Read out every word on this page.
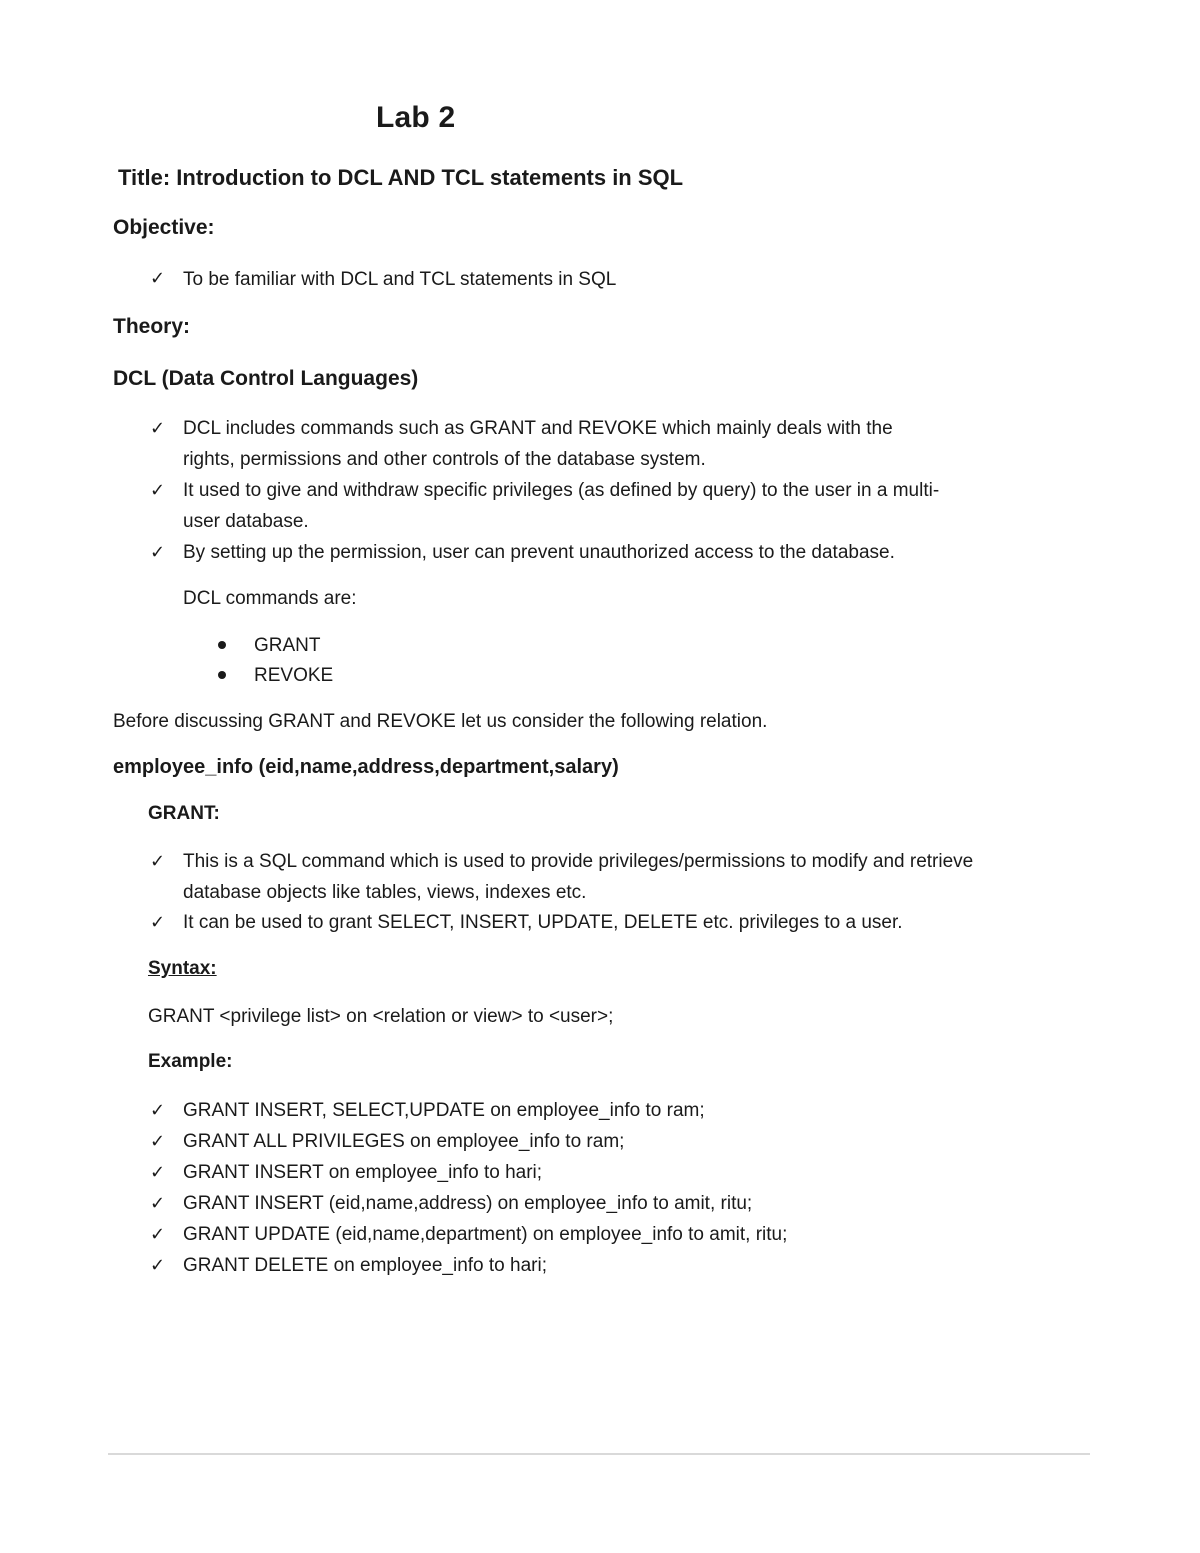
Lab 2
Title: Introduction to DCL AND TCL statements in SQL
Objective:
✓ To be familiar with DCL and TCL statements in SQL
Theory:
DCL (Data Control Languages)
✓ DCL includes commands such as GRANT and REVOKE which mainly deals with the
rights, permissions and other controls of the database system.
✓ It used to give and withdraw specific privileges (as defined by query) to the user in a multi-
user database.
✓ By setting up the permission, user can prevent unauthorized access to the database.
DCL commands are:
GRANT
REVOKE
Before discussing GRANT and REVOKE let us consider the following relation.
employee_info (eid,name,address,department,salary)
GRANT:
✓ This is a SQL command which is used to provide privileges/permissions to modify and retrieve
database objects like tables, views, indexes etc.
✓ It can be used to grant SELECT, INSERT, UPDATE, DELETE etc. privileges to a user.
Syntax:
GRANT <privilege list> on <relation or view> to <user>;
Example:
✓ GRANT INSERT, SELECT,UPDATE on employee_info to ram;
✓ GRANT ALL PRIVILEGES on employee_info to ram;
✓ GRANT INSERT on employee_info to hari;
✓ GRANT INSERT (eid,name,address) on employee_info to amit, ritu;
✓ GRANT UPDATE (eid,name,department) on employee_info to amit, ritu;
✓ GRANT DELETE on employee_info to hari;
